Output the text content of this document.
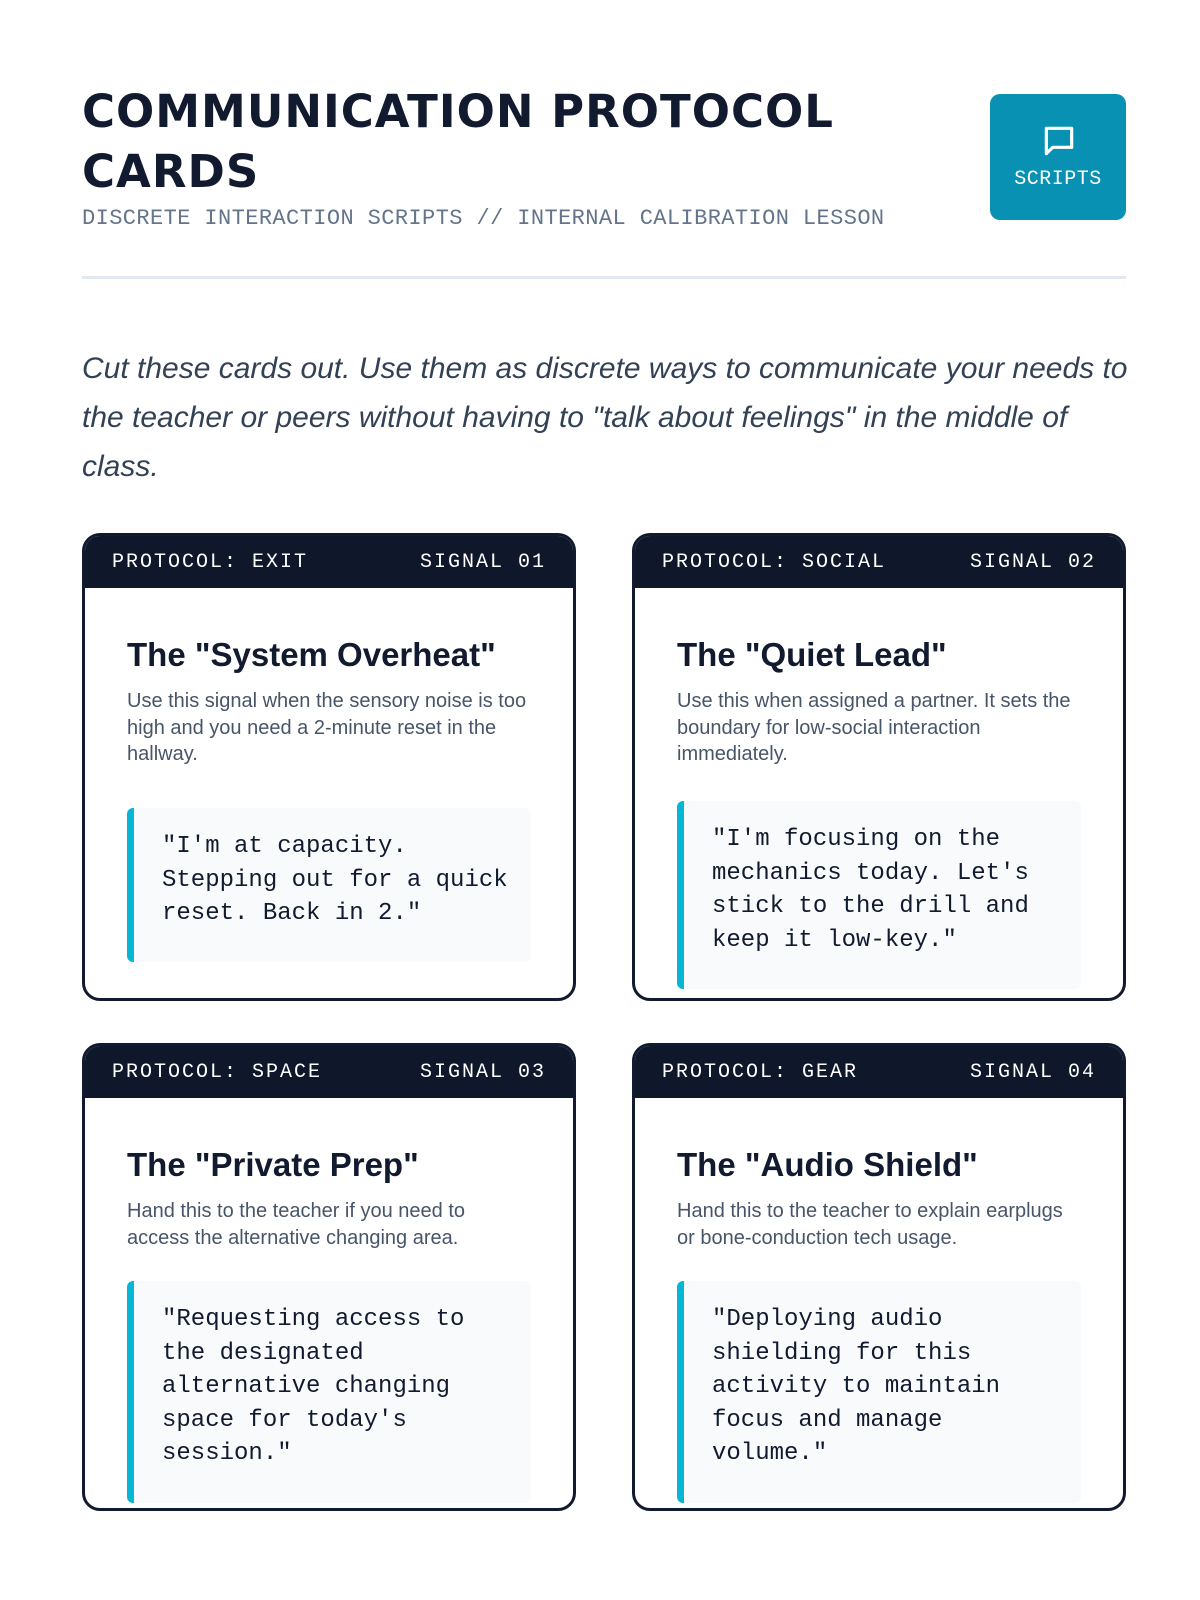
COMMUNICATION PROTOCOL CARDS
DISCRETE INTERACTION SCRIPTS // INTERNAL CALIBRATION LESSON
SCRIPTS

Cut these cards out. Use them as discrete ways to communicate your needs to the teacher or peers without having to "talk about feelings" in the middle of class.

PROTOCOL: EXIT	SIGNAL 01
The "System Overheat"

Use this signal when the sensory noise is too high and you need a 2-minute reset in the hallway.

"I'm at capacity. Stepping out for a quick reset. Back in 2."
PROTOCOL: SOCIAL	SIGNAL 02
The "Quiet Lead"

Use this when assigned a partner. It sets the boundary for low-social interaction immediately.

"I'm focusing on the mechanics today. Let's stick to the drill and keep it low-key."
PROTOCOL: SPACE	SIGNAL 03
The "Private Prep"

Hand this to the teacher if you need to access the alternative changing area.

"Requesting access to the designated alternative changing space for today's session."
PROTOCOL: GEAR	SIGNAL 04
The "Audio Shield"

Hand this to the teacher to explain earplugs or bone-conduction tech usage.

"Deploying audio shielding for this activity to maintain focus and manage volume."
